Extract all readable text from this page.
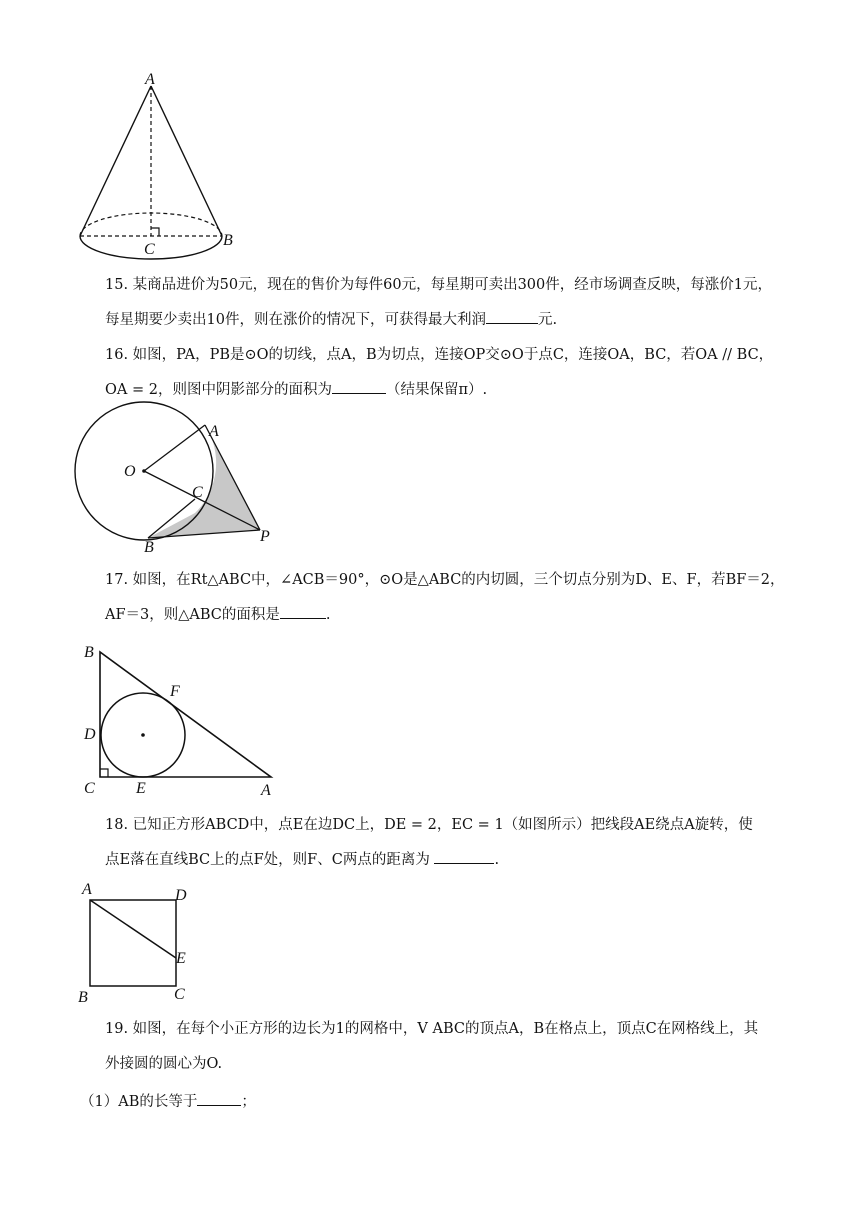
A
B
C
15. 某商品进价为50元，现在的售价为每件60元，每星期可卖出300件，经市场调查反映，每涨价1元，
每星期要少卖出10件，则在涨价的情况下，可获得最大利润	元.
16. 如图，PA，PB是⊙O的切线，点A，B为切点，连接OP交⊙O于点C，连接OA，BC，若OA // BC，
OA = 2，则图中阴影部分的面积为	（结果保留π）.
A
O
C
B
P
17. 如图，在Rt△ABC中，∠ACB＝90°，⊙O是△ABC的内切圆，三个切点分别为D、E、F，若BF＝2，
AF＝3，则△ABC的面积是	.
B
F
D
C	E	A
18. 已知正方形ABCD中，点E在边DC上，DE = 2，EC = 1（如图所示）把线段AE绕点A旋转，使
点E落在直线BC上的点F处，则F、C两点的距离为	.
A	D
E
B	C
19. 如图，在每个小正方形的边长为1的网格中，V ABC的顶点A，B在格点上，顶点C在网格线上，其
外接圆的圆心为O.
（1）AB的长等于	；
